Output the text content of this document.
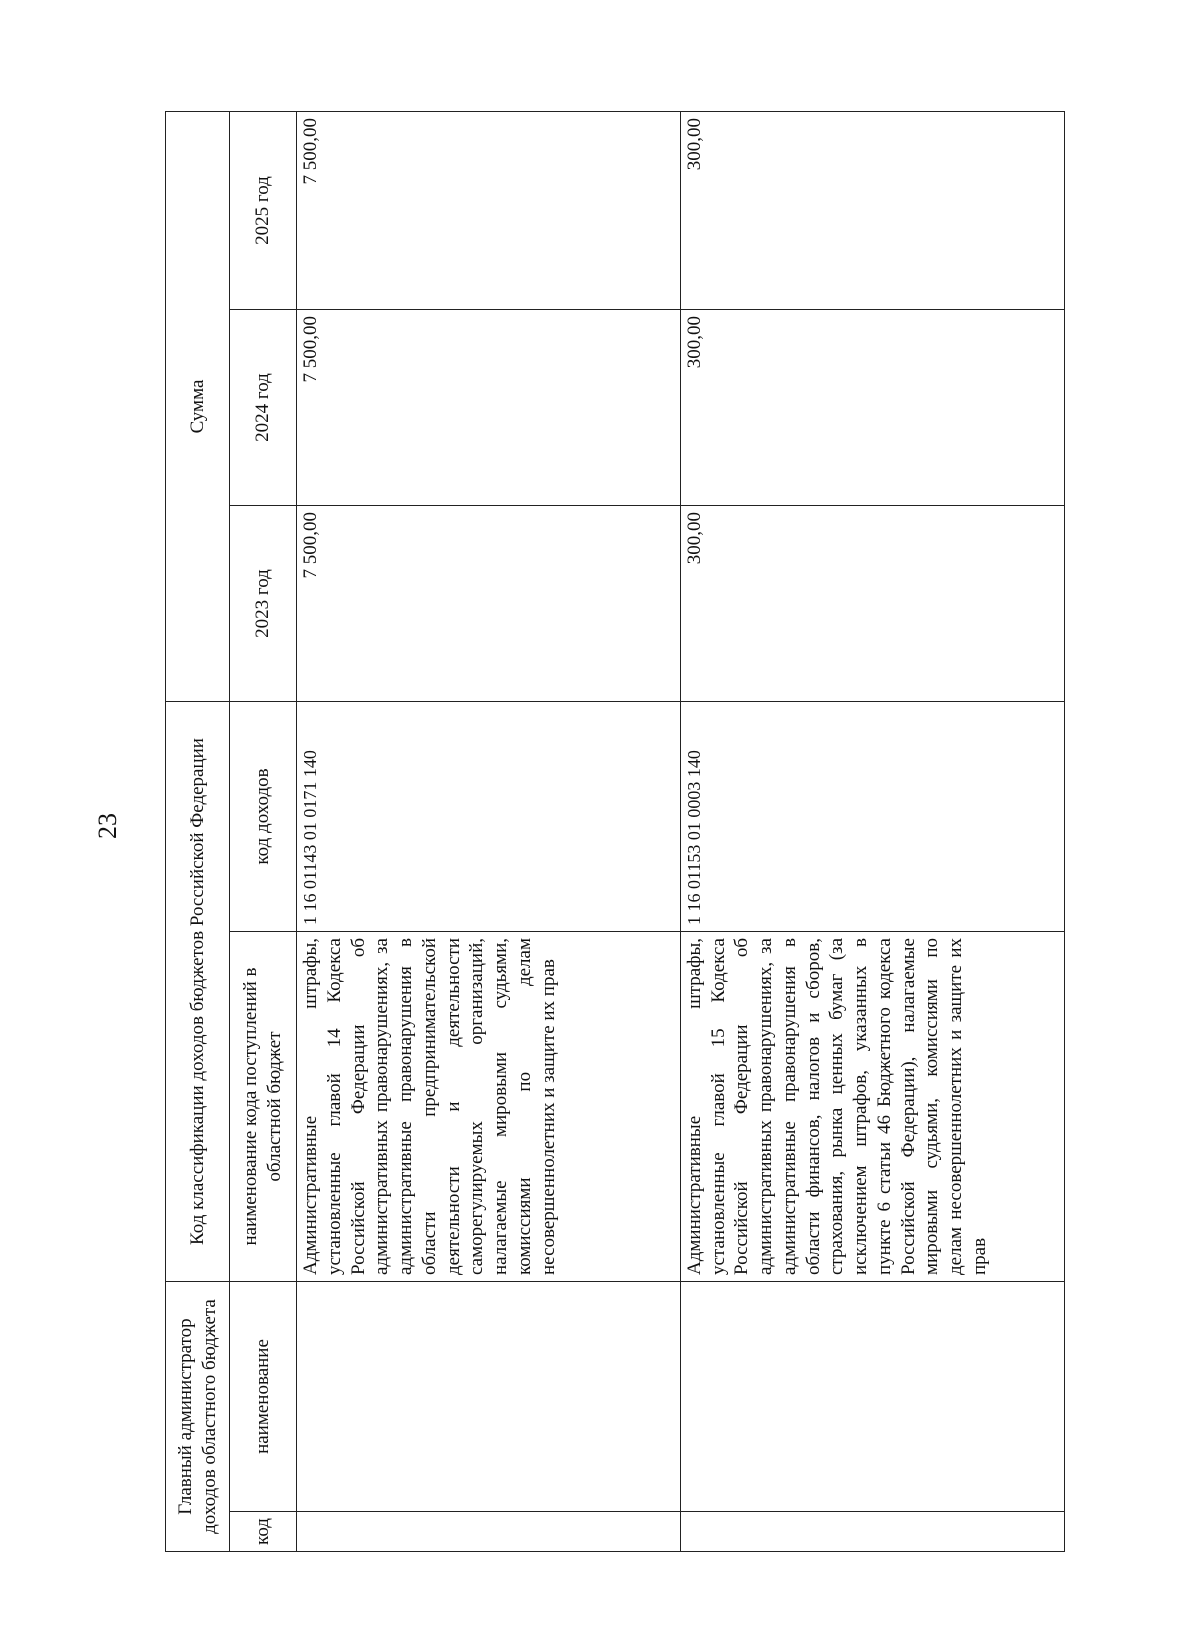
23
Главный администратор доходов областного бюджета		Код классификации доходов бюджетов Российской Федерации		Сумма		
код	наименование	наименование кода поступлений в областной бюджет	код доходов	2023 год	2024 год	2025 год
		Административные штрафы, установленные главой 14 Кодекса Российской Федерации об административных правонарушениях, за административные правонарушения в области предпринимательской деятельности и деятельности саморегулируемых организаций, налагаемые мировыми судьями, комиссиями по делам несовершеннолетних и защите их прав	1 16 01143 01 0171 140	7 500,00	7 500,00	7 500,00
		Административные штрафы, установленные главой 15 Кодекса Российской Федерации об административных правонарушениях, за административные правонарушения в области финансов, налогов и сборов, страхования, рынка ценных бумаг (за исключением штрафов, указанных в пункте 6 статьи 46 Бюджетного кодекса Российской Федерации), налагаемые мировыми судьями, комиссиями по делам несовершеннолетних и защите их прав	1 16 01153 01 0003 140	300,00	300,00	300,00
